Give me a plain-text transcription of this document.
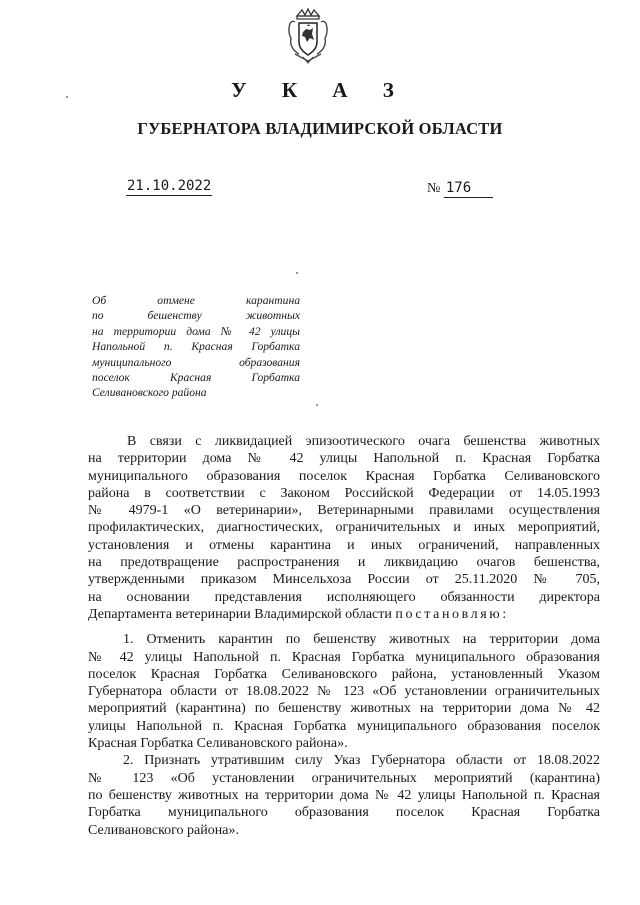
У К А З
ГУБЕРНАТОРА ВЛАДИМИРСКОЙ ОБЛАСТИ
21.10.2022	№ 176
Об отмене карантина
по бешенству животных
на территории дома № 42 улицы
Напольной п. Красная Горбатка
муниципального образования
поселок Красная Горбатка
Селивановского района
В связи с ликвидацией эпизоотического очага бешенства животных
на территории дома № 42 улицы Напольной п. Красная Горбатка
муниципального образования поселок Красная Горбатка Селивановского
района в соответствии с Законом Российской Федерации от 14.05.1993
№ 4979-1 «О ветеринарии», Ветеринарными правилами осуществления
профилактических, диагностических, ограничительных и иных мероприятий,
установления и отмены карантина и иных ограничений, направленных
на предотвращение распространения и ликвидацию очагов бешенства,
утвержденными приказом Минсельхоза России от 25.11.2020 № 705,
на основании представления исполняющего обязанности директора
Департамента ветеринарии Владимирской области постановляю:
1. Отменить карантин по бешенству животных на территории дома
№ 42 улицы Напольной п. Красная Горбатка муниципального образования
поселок Красная Горбатка Селивановского района, установленный Указом
Губернатора области от 18.08.2022 № 123 «Об установлении ограничительных
мероприятий (карантина) по бешенству животных на территории дома № 42
улицы Напольной п. Красная Горбатка муниципального образования поселок
Красная Горбатка Селивановского района».
2. Признать утратившим силу Указ Губернатора области от 18.08.2022
№ 123 «Об установлении ограничительных мероприятий (карантина)
по бешенству животных на территории дома № 42 улицы Напольной п. Красная
Горбатка муниципального образования поселок Красная Горбатка
Селивановского района».
